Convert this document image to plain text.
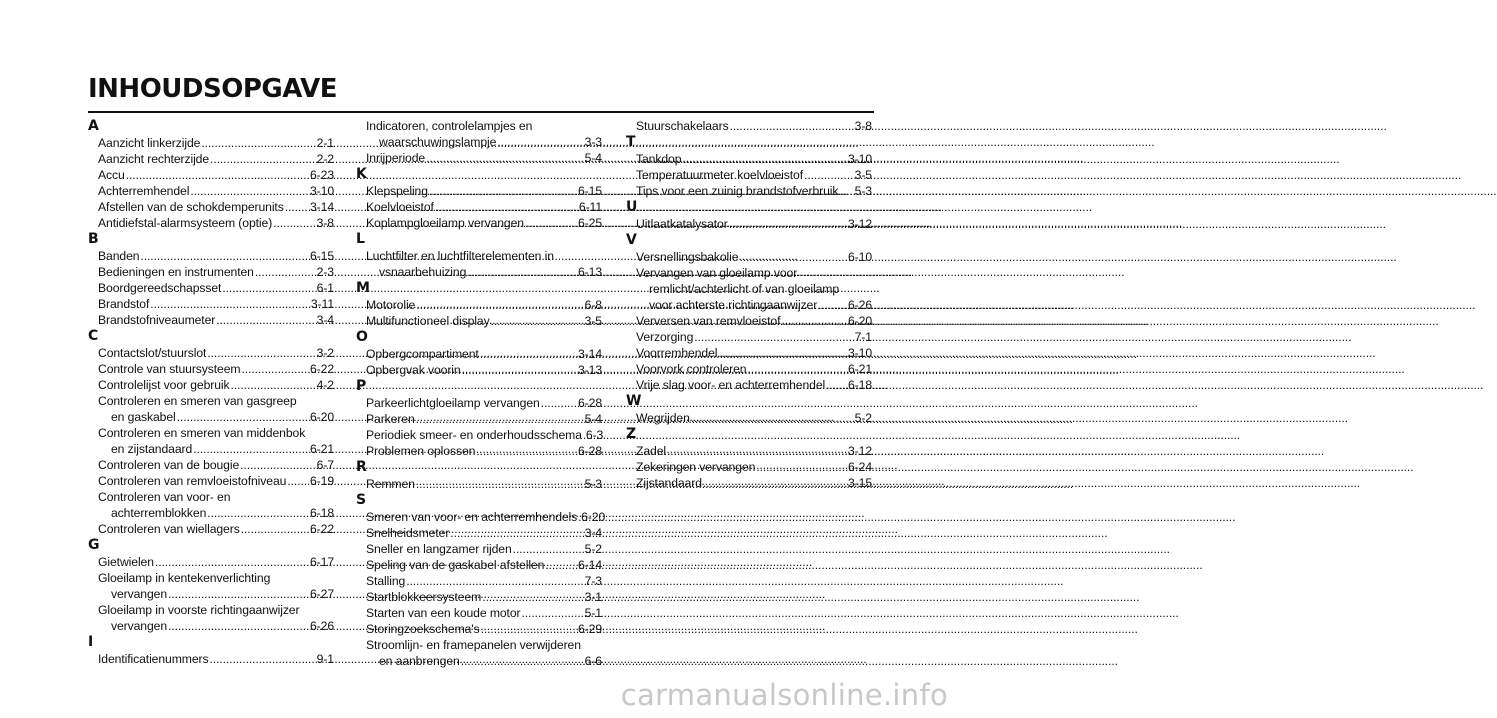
INHOUDSOPGAVE
A
Aanzicht linkerzijde .....	2-1
Aanzicht rechterzijde .....	2-2
Accu .....	6-23
Achterremhendel .....	3-10
Afstellen van de schokdemperunits ..... 3-14
Antidiefstal-alarmsysteem (optie) .....	3-8
B
Banden .....	6-15
Bedieningen en instrumenten .....	2-3
Boordgereedschapsset .....	6-1
Brandstof .....	3-11
Brandstofniveaumeter .....	3-4
C
Contactslot/stuurslot .....	3-2
Controle van stuursysteem .....	6-22
Controlelijst voor gebruik .....	4-2
Controleren en smeren van gasgreep
en gaskabel .....	6-20
Controleren en smeren van middenbok
en zijstandaard .....	6-21
Controleren van de bougie .....	6-7
Controleren van remvloeistofniveau ..... 6-19
Controleren van voor- en
achterremblokken .....	6-18
Controleren van wiellagers .....	6-22
G
Gietwielen .....	6-17
Gloeilamp in kentekenverlichting
vervangen .....	6-27
Gloeilamp in voorste richtingaanwijzer
vervangen .....	6-26
I
Identificatienummers .....	9-1
Indicatoren, controlelampjes en
waarschuwingslampje .....	3-3
Inrijperiode .....	5-4
K
Klepspeling .....	6-15
Koelvloeistof .....	6-11
Koplampgloeilamp vervangen .....	6-25
L
Luchtfilter en luchtfilterelementen in
vsnaarbehuizing .....	6-13
M
Motorolie .....	6-8
Multifunctioneel display .....	3-5
O
Opbergcompartiment .....	3-14
Opbergvak voorin .....	3-13
P
Parkeerlichtgloeilamp vervangen .....	6-28
Parkeren .....	5-4
Periodiek smeer- en onderhoudsschema ..... 6-3
Problemen oplossen .....	6-28
R
Remmen .....	5-3
S
Smeren van voor- en achterremhendels ..... 6-20
Snelheidsmeter .....	3-4
Sneller en langzamer rijden .....	5-2
Speling van de gaskabel afstellen .....	6-14
Stalling .....	7-3
Startblokkeersysteem .....	3-1
Starten van een koude motor .....	5-1
Storingzoekschema's .....	6-29
Stroomlijn- en framepanelen verwijderen
en aanbrengen .....	6-6
Stuurschakelaars .....	3-8
T
Tankdop .....	3-10
Temperatuurmeter koelvloeistof .....	3-5
Tips voor een zuinig brandstofverbruik ..... 5-3
U
Uitlaatkatalysator .....	3-12
V
Versnellingsbakolie .....	6-10
Vervangen van gloeilamp voor
remlicht/achterlicht of van gloeilamp
voor achterste richtingaanwijzer .....	6-26
Verversen van remvloeistof .....	6-20
Verzorging .....	7-1
Voorremhendel .....	3-10
Voorvork controleren .....	6-21
Vrije slag voor- en achterremhendel ..... 6-18
W
Wegrijden .....	5-2
Z
Zadel .....	3-12
Zekeringen vervangen .....	6-24
Zijstandaard .....	3-15
carmanualsonline.info
